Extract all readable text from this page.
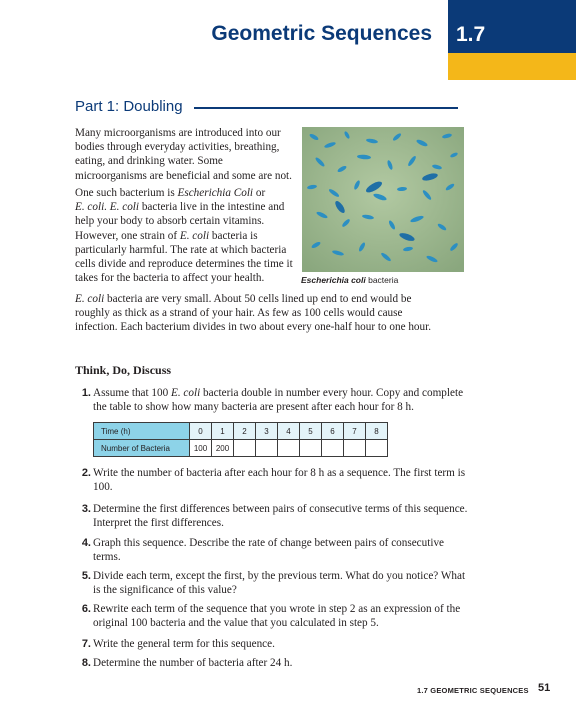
Geometric Sequences 1.7
Part 1: Doubling
Many microorganisms are introduced into our bodies through everyday activities, breathing, eating, and drinking water. Some microorganisms are beneficial and some are not.
One such bacterium is Escherichia Coli or
E. coli. E. coli bacteria live in the intestine and help your body to absorb certain vitamins. However, one strain of E. coli bacteria is particularly harmful. The rate at which bacteria cells divide and reproduce determines the time it takes for the bacteria to affect your health.	Escherichia coli bacteria
E. coli bacteria are very small. About 50 cells lined up end to end would be roughly as thick as a strand of your hair. As few as 100 cells would cause infection. Each bacterium divides in two about every one-half hour to one hour.
Think, Do, Discuss
1. Assume that 100 E. coli bacteria double in number every hour. Copy and complete the table to show how many bacteria are present after each hour for 8 h.
Time (h)	0	1	2	3	4	5	6	7	8
Number of Bacteria	100	200							
2. Write the number of bacteria after each hour for 8 h as a sequence. The first term is 100.
3. Determine the first differences between pairs of consecutive terms of this sequence. Interpret the first differences.
4. Graph this sequence. Describe the rate of change between pairs of consecutive terms.
5. Divide each term, except the first, by the previous term. What do you notice? What is the significance of this value?
6. Rewrite each term of the sequence that you wrote in step 2 as an expression of the original 100 bacteria and the value that you calculated in step 5.
7. Write the general term for this sequence.
8. Determine the number of bacteria after 24 h.
1.7 GEOMETRIC SEQUENCES 51
